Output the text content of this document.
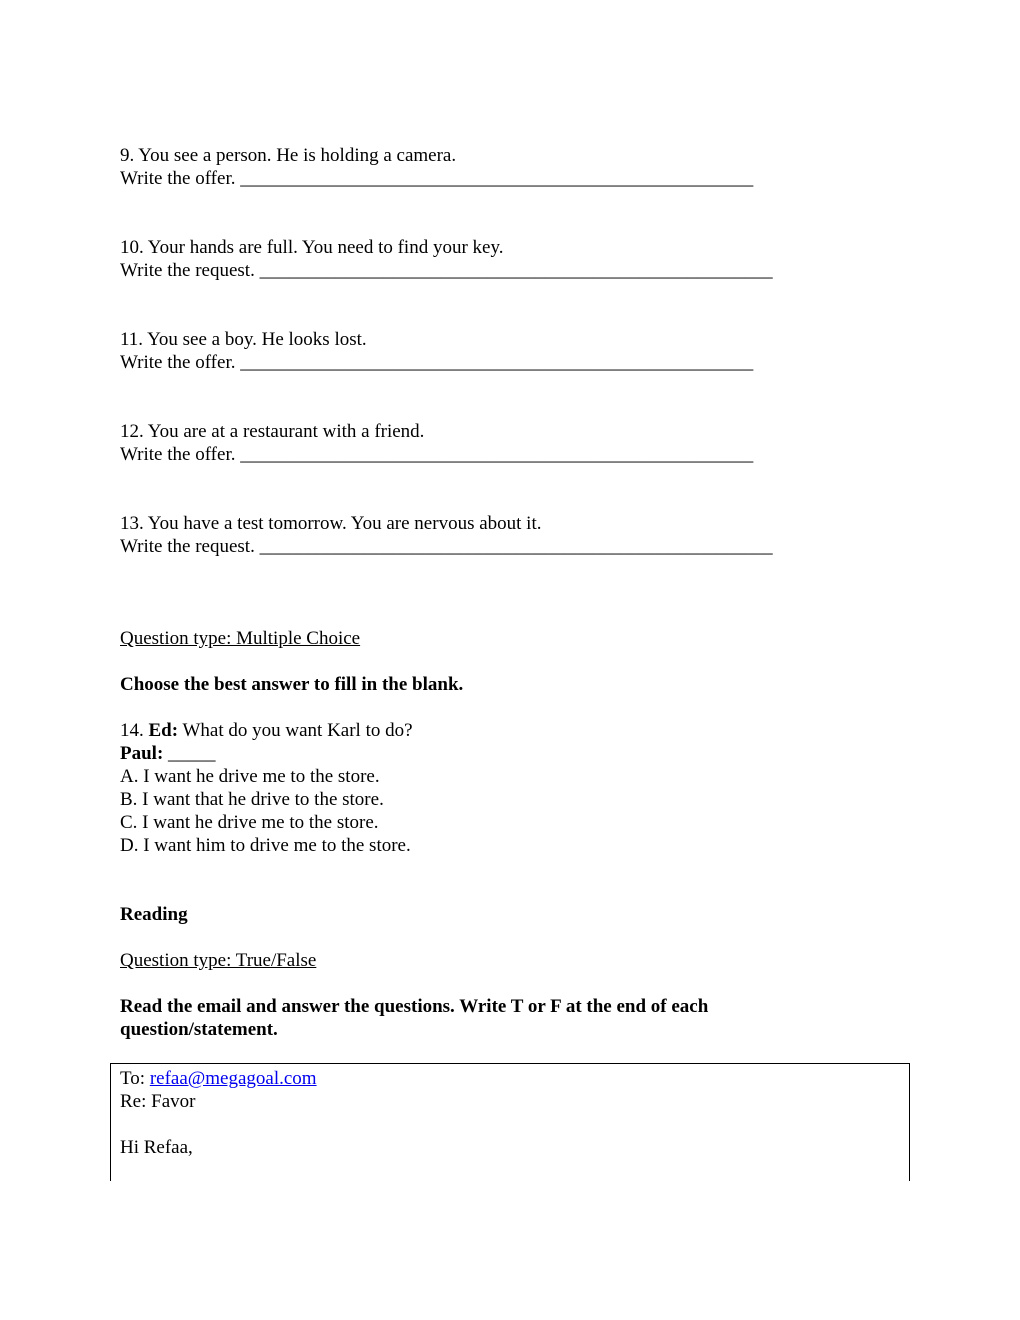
9. You see a person. He is holding a camera.
Write the offer. ______________________________________________________
10. Your hands are full. You need to find your key.
Write the request. ______________________________________________________
11. You see a boy. He looks lost.
Write the offer. ______________________________________________________
12. You are at a restaurant with a friend.
Write the offer. ______________________________________________________
13. You have a test tomorrow. You are nervous about it.
Write the request. ______________________________________________________
Question type: Multiple Choice
Choose the best answer to fill in the blank.
14. Ed: What do you want Karl to do?
Paul: _____
A. I want he drive me to the store.
B. I want that he drive to the store.
C. I want he drive me to the store.
D. I want him to drive me to the store.
Reading
Question type: True/False
Read the email and answer the questions. Write T or F at the end of each
question/statement.
To: refaa@megagoal.com
Re: Favor
Hi Refaa,
